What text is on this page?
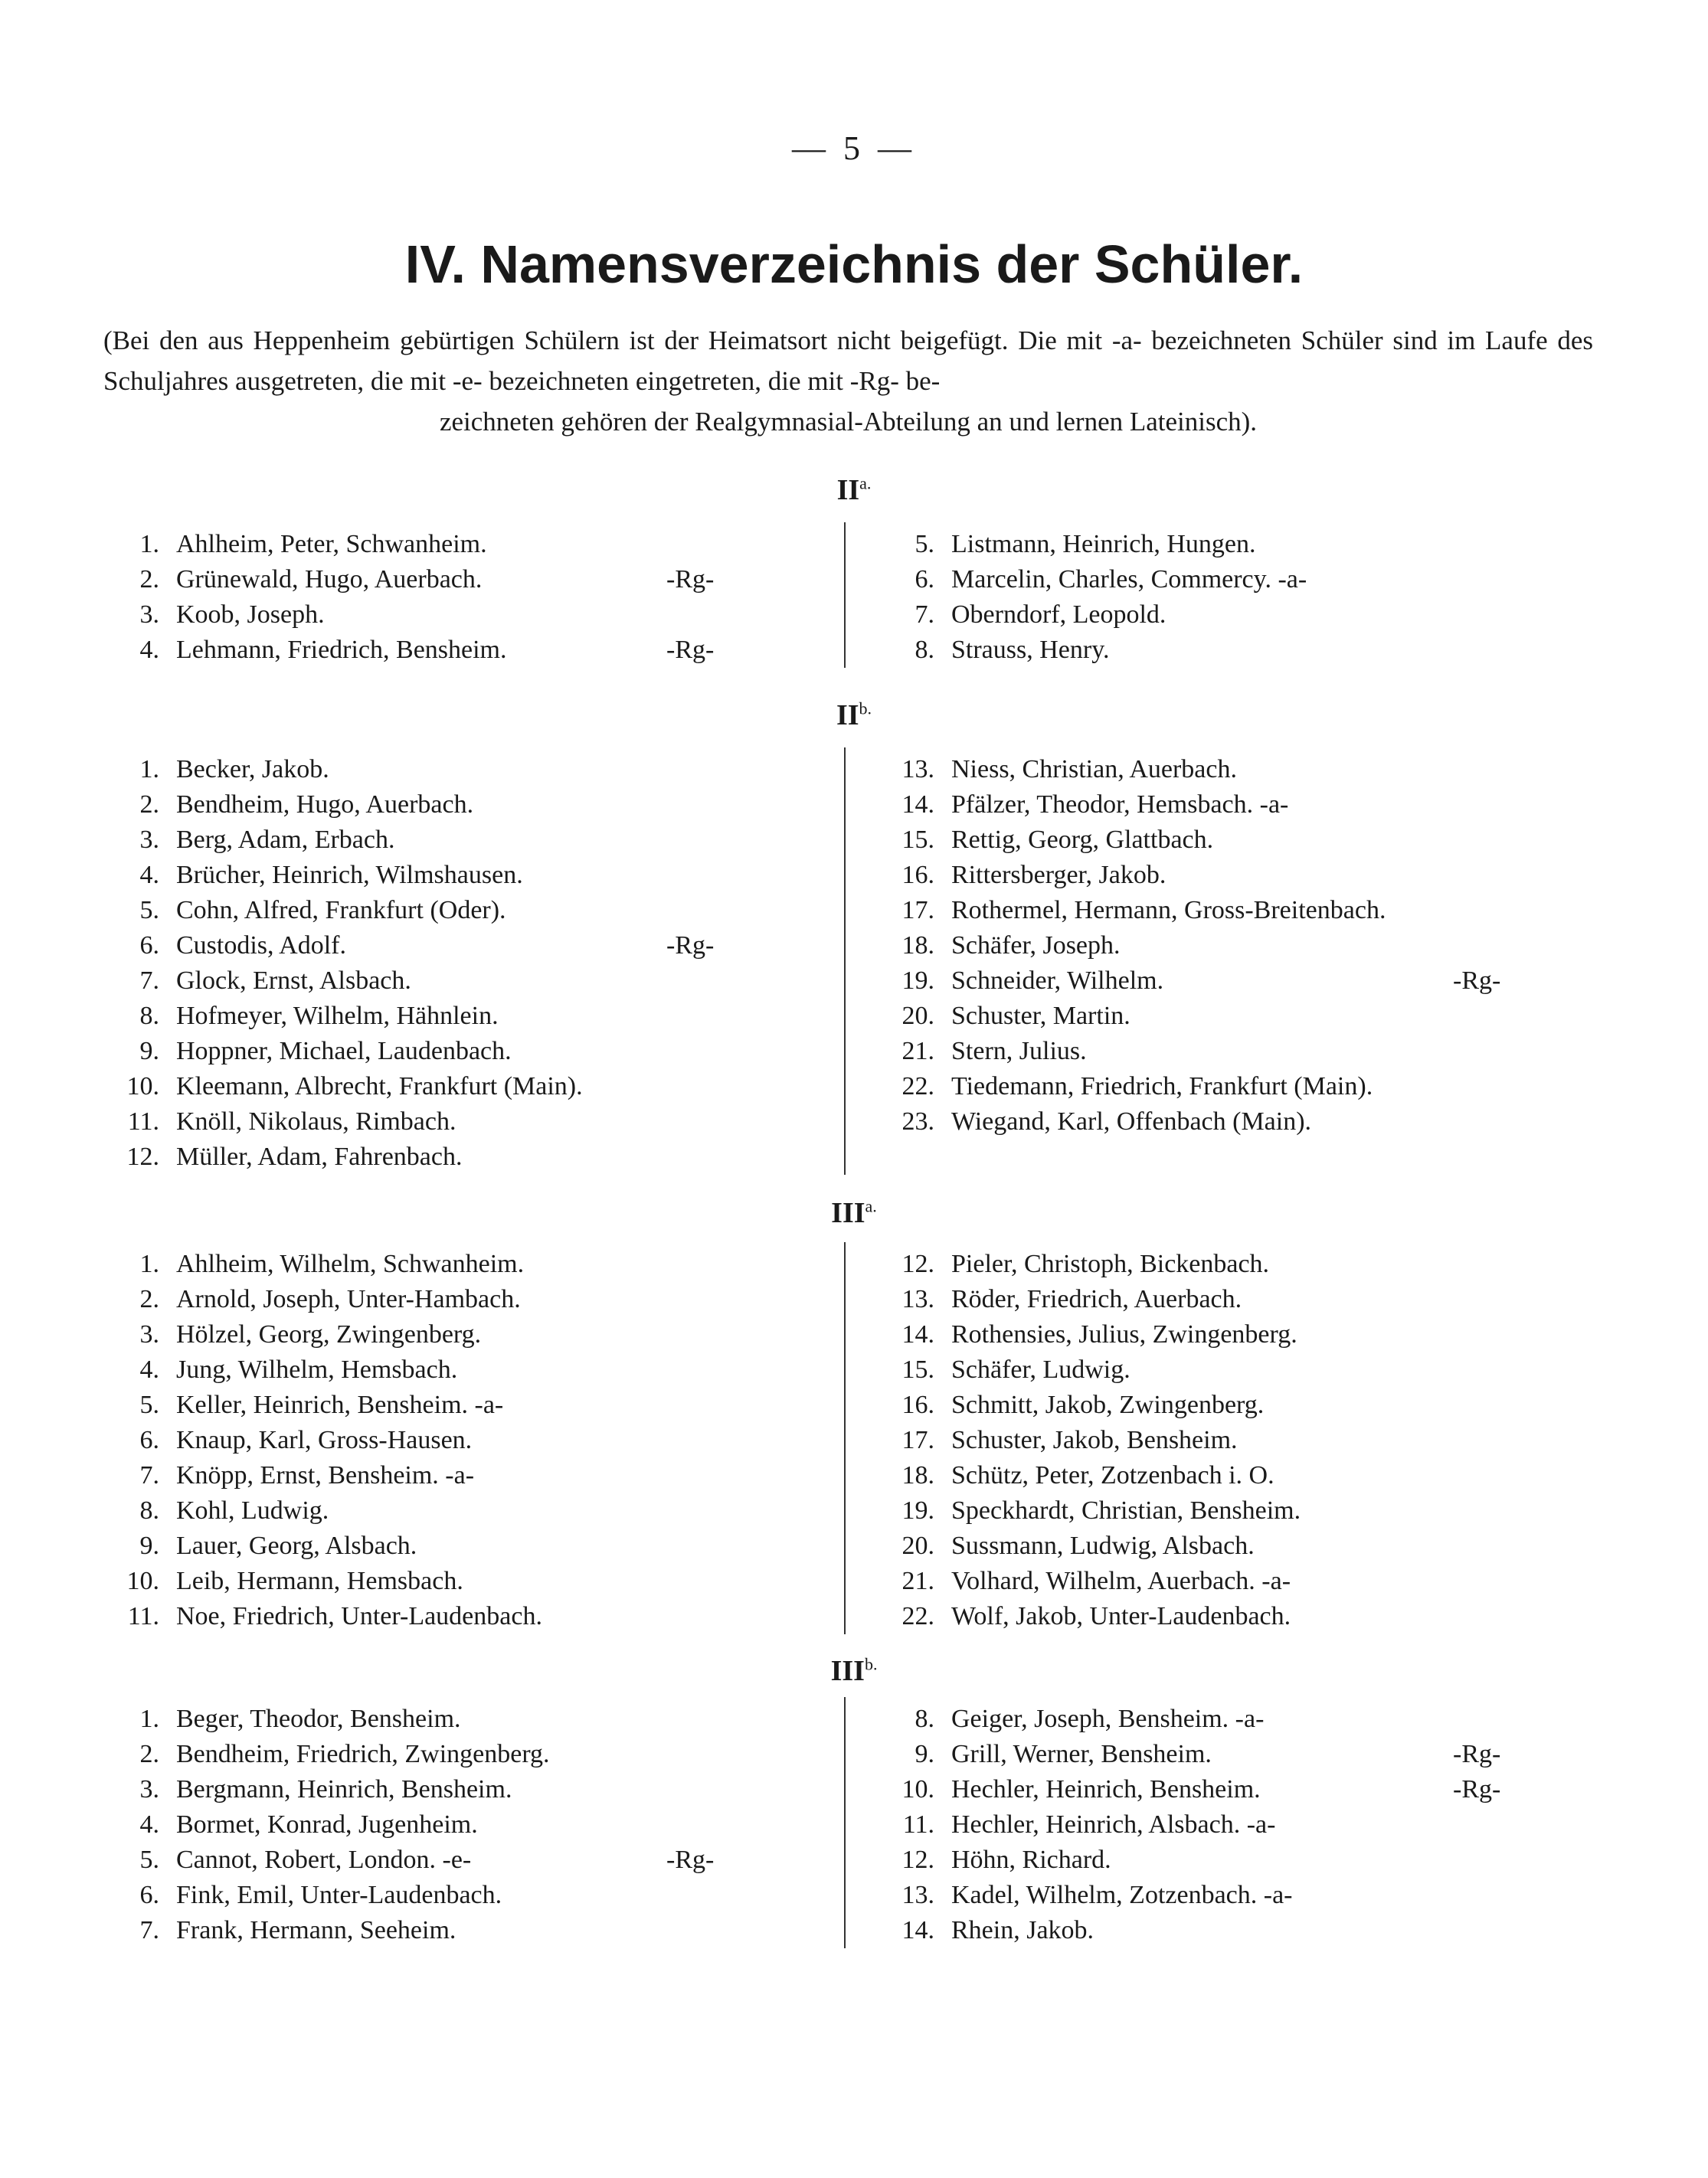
— 5 —
IV. Namensverzeichnis der Schüler.
(Bei den aus Heppenheim gebürtigen Schülern ist der Heimatsort nicht beigefügt. Die mit -a- bezeichneten Schüler sind im Laufe des Schuljahres ausgetreten, die mit -e- bezeichneten eingetreten, die mit -Rg- be-
zeichneten gehören der Realgymnasial-Abteilung an und lernen Lateinisch).
$II^{a.}$
1. Ahlheim, Peter, Schwanheim.
2. Grünewald, Hugo, Auerbach.	-Rg-
3. Koob, Joseph.
4. Lehmann, Friedrich, Bensheim.	-Rg-
5. Listmann, Heinrich, Hungen.
6. Marcelin, Charles, Commercy. -a-
7. Oberndorf, Leopold.
8. Strauss, Henry.
$II^{b.}$
1. Becker, Jakob.
2. Bendheim, Hugo, Auerbach.
3. Berg, Adam, Erbach.
4. Brücher, Heinrich, Wilmshausen.
5. Cohn, Alfred, Frankfurt (Oder).
6. Custodis, Adolf.	-Rg-
7. Glock, Ernst, Alsbach.
8. Hofmeyer, Wilhelm, Hähnlein.
9. Hoppner, Michael, Laudenbach.
10. Kleemann, Albrecht, Frankfurt (Main).
11. Knöll, Nikolaus, Rimbach.
12. Müller, Adam, Fahrenbach.
13. Niess, Christian, Auerbach.
14. Pfälzer, Theodor, Hemsbach. -a-
15. Rettig, Georg, Glattbach.
16. Rittersberger, Jakob.
17. Rothermel, Hermann, Gross-Breitenbach.
18. Schäfer, Joseph.
19. Schneider, Wilhelm.	-Rg-
20. Schuster, Martin.
21. Stern, Julius.
22. Tiedemann, Friedrich, Frankfurt (Main).
23. Wiegand, Karl, Offenbach (Main).
$III^{a.}$
1. Ahlheim, Wilhelm, Schwanheim.
2. Arnold, Joseph, Unter-Hambach.
3. Hölzel, Georg, Zwingenberg.
4. Jung, Wilhelm, Hemsbach.
5. Keller, Heinrich, Bensheim. -a-
6. Knaup, Karl, Gross-Hausen.
7. Knöpp, Ernst, Bensheim. -a-
8. Kohl, Ludwig.
9. Lauer, Georg, Alsbach.
10. Leib, Hermann, Hemsbach.
11. Noe, Friedrich, Unter-Laudenbach.
12. Pieler, Christoph, Bickenbach.
13. Röder, Friedrich, Auerbach.
14. Rothensies, Julius, Zwingenberg.
15. Schäfer, Ludwig.
16. Schmitt, Jakob, Zwingenberg.
17. Schuster, Jakob, Bensheim.
18. Schütz, Peter, Zotzenbach i. O.
19. Speckhardt, Christian, Bensheim.
20. Sussmann, Ludwig, Alsbach.
21. Volhard, Wilhelm, Auerbach. -a-
22. Wolf, Jakob, Unter-Laudenbach.
$III^{b.}$
1. Beger, Theodor, Bensheim.
2. Bendheim, Friedrich, Zwingenberg.
3. Bergmann, Heinrich, Bensheim.
4. Bormet, Konrad, Jugenheim.
5. Cannot, Robert, London. -e-	-Rg-
6. Fink, Emil, Unter-Laudenbach.
7. Frank, Hermann, Seeheim.
8. Geiger, Joseph, Bensheim. -a-
9. Grill, Werner, Bensheim.	-Rg-
10. Hechler, Heinrich, Bensheim.	-Rg-
11. Hechler, Heinrich, Alsbach. -a-
12. Höhn, Richard.
13. Kadel, Wilhelm, Zotzenbach. -a-
14. Rhein, Jakob.
